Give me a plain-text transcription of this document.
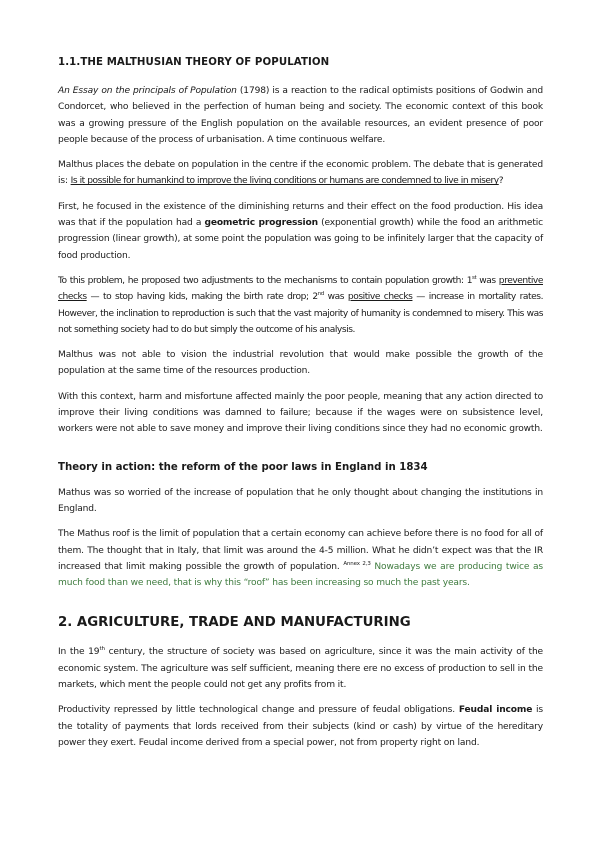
1.1.THE MALTHUSIAN THEORY OF POPULATION

An Essay on the principals of Population (1798) is a reaction to the radical optimists positions of Godwin and Condorcet, who believed in the perfection of human being and society. The economic context of this book was a growing pressure of the English population on the available resources, an evident presence of poor people because of the process of urbanisation. A time continuous welfare.

Malthus places the debate on population in the centre if the economic problem. The debate that is generated is: Is it possible for humankind to improve the living conditions or humans are condemned to live in misery?

First, he focused in the existence of the diminishing returns and their effect on the food production. His idea was that if the population had a geometric progression (exponential growth) while the food an arithmetic progression (linear growth), at some point the population was going to be infinitely larger that the capacity of food production.

To this problem, he proposed two adjustments to the mechanisms to contain population growth: 1st was preventive checks — to stop having kids, making the birth rate drop; 2nd was positive checks — increase in mortality rates. However, the inclination to reproduction is such that the vast majority of humanity is condemned to misery. This was not something society had to do but simply the outcome of his analysis.

Malthus was not able to vision the industrial revolution that would make possible the growth of the population at the same time of the resources production.

With this context, harm and misfortune affected mainly the poor people, meaning that any action directed to improve their living conditions was damned to failure; because if the wages were on subsistence level, workers were not able to save money and improve their living conditions since they had no economic growth.

Theory in action: the reform of the poor laws in England in 1834

Mathus was so worried of the increase of population that he only thought about changing the institutions in England.

The Mathus roof is the limit of population that a certain economy can achieve before there is no food for all of them. The thought that in Italy, that limit was around the 4-5 million. What he didn’t expect was that the IR increased that limit making possible the growth of population. $^{Annex 2,3}$ Nowadays we are producing twice as much food than we need, that is why this “roof” has been increasing so much the past years.

2. AGRICULTURE, TRADE AND MANUFACTURING

In the 19th century, the structure of society was based on agriculture, since it was the main activity of the economic system. The agriculture was self sufficient, meaning there ere no excess of production to sell in the markets, which ment the people could not get any profits from it.

Productivity repressed by little technological change and pressure of feudal obligations. Feudal income is the totality of payments that lords received from their subjects (kind or cash) by virtue of the hereditary power they exert. Feudal income derived from a special power, not from property right on land.
